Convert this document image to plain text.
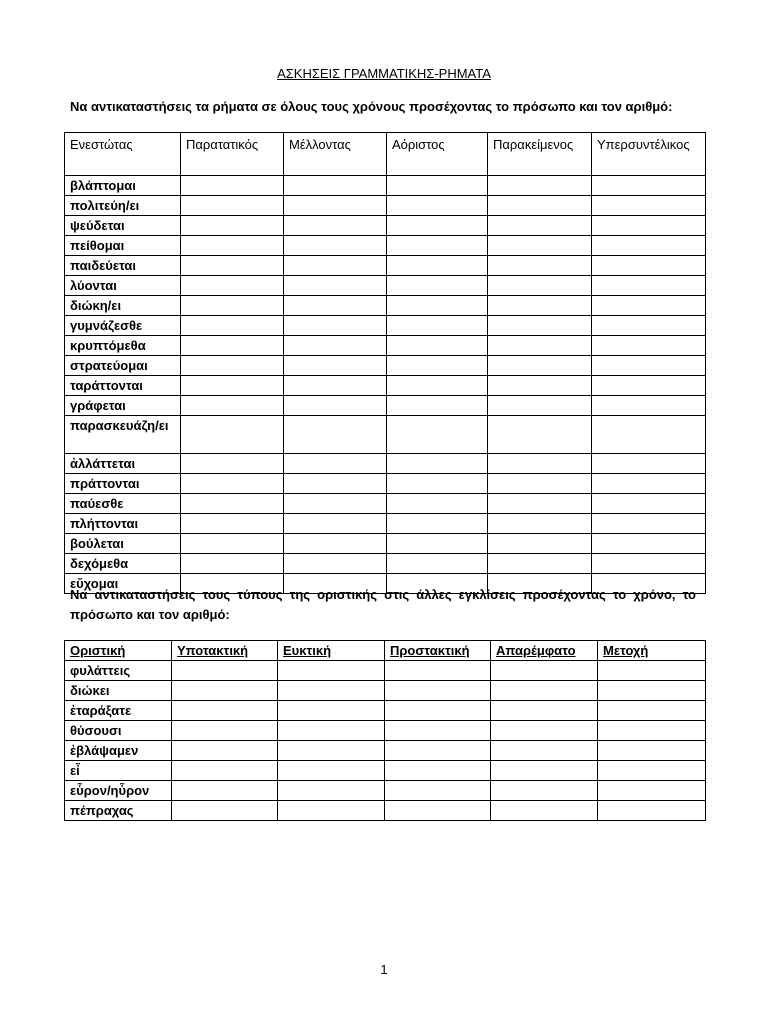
ΑΣΚΗΣΕΙΣ ΓΡΑΜΜΑΤΙΚΗΣ-ΡΗΜΑΤΑ
Να αντικαταστήσεις τα ρήματα σε όλους τους χρόνους προσέχοντας το πρόσωπο και τον αριθμό:
Ενεστώτας	Παρατατικός	Μέλλοντας	Αόριστος	Παρακείμενος	Υπερσυντέλικος
βλάπτομαι					
πολιτεύη/ει					
ψεύδεται					
πείθομαι					
παιδεύεται					
λύονται					
διώκη/ει					
γυμνάζεσθε					
κρυπτόμεθα					
στρατεύομαι					
ταράττονται					
γράφεται					
παρασκευάζη/ει					
ἀλλάττεται					
πράττονται					
παύεσθε					
πλήττονται					
βούλεται					
δεχόμεθα					
εὔχομαι					
Να αντικαταστήσεις τους τύπους της οριστικής στις άλλες εγκλίσεις προσέχοντας το χρόνο, το πρόσωπο και τον αριθμό:
Οριστική	Υποτακτική	Ευκτική	Προστακτική	Απαρέμφατο	Μετοχή
φυλάττεις					
διώκει					
ἐταράξατε					
θύσουσι					
ἐβλάψαμεν					
εἶ					
εὗρον/ηὗρον					
πέπραχας					
1
